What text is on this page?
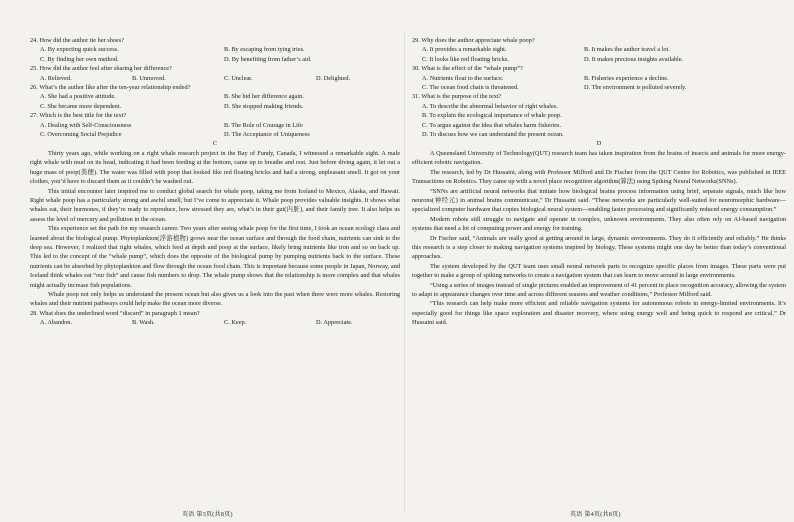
24. How did the author tie her shoes?

A. By expecting quick success.	B. By escaping from tying tries.
C. By finding her own method.	D. By benefiting from father’s aid.

25. How did the author feel after sharing her difference?

A. Relieved.	B. Unmoved.	C. Unclear.	D. Delighted.

26. What’s the author like after the ten-year relationship ended?

A. She had a positive attitude.	B. She hid her difference again.
C. She became more dependent.	D. She stopped making friends.

27. Which is the best title for the text?

A. Dealing with Self-Consciousness	B. The Role of Courage in Life
C. Overcoming Social Prejudice	D. The Acceptance of Uniqueness

C

Thirty years ago, while working on a right whale research project in the Bay of Fundy, Canada, I witnessed a remarkable sight. A male right whale with mud on its head, indicating it had been feeding at the bottom, came up to breathe and rest. Just before diving again, it let out a huge mass of poop(粪便). The water was filled with poop that looked like red floating bricks and had a strong, unpleasant smell. It got on your clothes, you’d have to discard them as it couldn’t be washed out.

This initial encounter later inspired me to conduct global search for whale poop, taking me from Iceland to Mexico, Alaska, and Hawaii. Right whale poop has a particularly strong and awful smell, but I’ve come to appreciate it. Whale poop provides valuable insights. It shows what whales eat, their hormones, if they’re ready to reproduce, how stressed they are, what’s in their gut(内脏), and their family tree. It also helps us assess the level of mercury and pollution in the ocean.

This experience set the path for my research career. Two years after seeing whale poop for the first time, I took an ocean ecology class and learned about the biological pump. Phytoplankton(浮游植物) grows near the ocean surface and through the food chain, nutrients can sink to the deep sea. However, I realized that right whales, which feed at depth and poop at the surface, likely bring nutrients like iron and so on back up. This led to the concept of the “whale pump”, which does the opposite of the biological pump by pumping nutrients back to the surface. These nutrients can be absorbed by phytoplankton and flow through the ocean food chain. This is important because some people in Japan, Norway, and Iceland think whales eat “our fish” and cause fish numbers to drop. The whale pump shows that the relationship is more complex and that whales might actually increase fish populations.

Whale poop not only helps us understand the present ocean but also gives us a look into the past when there were more whales. Restoring whales and their nutrient pathways could help make the ocean more diverse.

28. What does the underlined word “discard” in paragraph 1 mean?

A. Abandon.	B. Wash.	C. Keep.	D. Appreciate.

29. Why does the author appreciate whale poop?

A. It provides a remarkable sight.	B. It makes the author travel a lot.
C. It looks like red floating bricks.	D. It makes precious insights available.

30. What is the effect of the “whale pump”?

A. Nutrients float to the surface.	B. Fisheries experience a decline.
C. The ocean food chain is threatened.	D. The environment is polluted severely.

31. What is the purpose of the text?

A. To describe the abnormal behavior of right whales.
B. To explain the ecological importance of whale poop.
C. To argue against the idea that whales harm fisheries.
D. To discuss how we can understand the present ocean.

D

A Queensland University of Technology(QUT) research team has taken inspiration from the brains of insects and animals for more energy-efficient robotic navigation.

The research, led by Dr Hussaini, along with Professor Milford and Dr Fischer from the QUT Centre for Robotics, was published in IEEE Transactions on Robotics. They came up with a novel place recognition algorithm(算法) using Spiking Neural Networks(SNNs).

“SNNs are artificial neural networks that imitate how biological brains process information using brief, separate signals, much like how neurons(神经元) in animal brains communicate,” Dr Hussaini said. “These networks are particularly well-suited for neuromorphic hardware—specialized computer hardware that copies biological neural system—enabling faster processing and significantly reduced energy consumption.”

Modern robots still struggle to navigate and operate in complex, unknown environments. They also often rely on AI-based navigation systems that need a lot of computing power and energy for training.

Dr Fischer said, “Animals are really good at getting around in large, dynamic environments. They do it efficiently and reliably.” He thinks this research is a step closer to making navigation systems inspired by biology. These systems might one day be better than today’s conventional approaches.

The system developed by the QUT team uses small neural network parts to recognize specific places from images. These parts were put together to make a group of spiking networks to create a navigation system that can learn to move around in large environments.

“Using a series of images instead of single pictures enabled an improvement of 41 percent in place recognition accuracy, allowing the system to adapt to appearance changes over time and across different seasons and weather conditions,” Professor Milford said.

“This research can help make more efficient and reliable navigation systems for autonomous robots in energy-limited environments. It’s especially good for things like space exploration and disaster recovery, where using energy well and being quick to respond are critical,” Dr Hussaini said.

英语 第3页(共8页)	英语 第4页(共8页)
